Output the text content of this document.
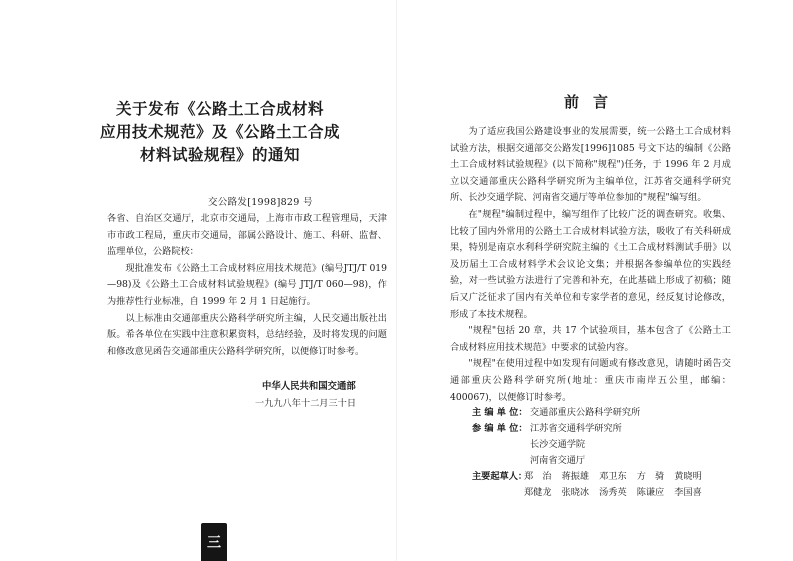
关于发布《公路土工合成材料
应用技术规范》及《公路土工合成
材料试验规程》的通知
交公路发[1998]829 号

各省、自治区交通厅，北京市交通局，上海市市政工程管理局，天津市市政工程局，重庆市交通局，部属公路设计、施工、科研、监督、监理单位，公路院校：

现批准发布《公路土工合成材料应用技术规范》(编号JTJ/T 019—98)及《公路土工合成材料试验规程》(编号 JTJ/T 060—98)，作为推荐性行业标准，自 1999 年 2 月 1 日起施行。

以上标准由交通部重庆公路科学研究所主编，人民交通出版社出版。希各单位在实践中注意积累资料，总结经验，及时将发现的问题和修改意见函告交通部重庆公路科学研究所，以便修订时参考。

中华人民共和国交通部
一九九八年十二月三十日
三
前言

为了适应我国公路建设事业的发展需要，统一公路土工合成材料试验方法，根据交通部交公路发[1996]1085 号文下达的编制《公路土工合成材料试验规程》(以下简称"规程")任务，于 1996 年 2 月成立以交通部重庆公路科学研究所为主编单位，江苏省交通科学研究所、长沙交通学院、河南省交通厅等单位参加的"规程"编写组。

在"规程"编制过程中，编写组作了比较广泛的调查研究。收集、比较了国内外常用的公路土工合成材料试验方法，吸收了有关科研成果，特别是南京水利科学研究院主编的《土工合成材料测试手册》以及历届土工合成材料学术会议论文集；并根据各参编单位的实践经验，对一些试验方法进行了完善和补充，在此基础上形成了初稿；随后又广泛征求了国内有关单位和专家学者的意见，经反复讨论修改，形成了本技术规程。

"规程"包括 20 章，共 17 个试验项目，基本包含了《公路土工合成材料应用技术规范》中要求的试验内容。

"规程"在使用过程中如发现有问题或有修改意见，请随时函告交通部重庆公路科学研究所(地址：重庆市南岸五公里，邮编：400067)，以便修订时参考。

主 编 单 位： 交通部重庆公路科学研究所
参 编 单 位： 江苏省交通科学研究所
长沙交通学院
河南省交通厅
主要起草人：
郑　治 蒋振雄 邓卫东 方　骑 黄晓明
郑健龙 张晓冰 汤秀英 陈谦应 李国喜
